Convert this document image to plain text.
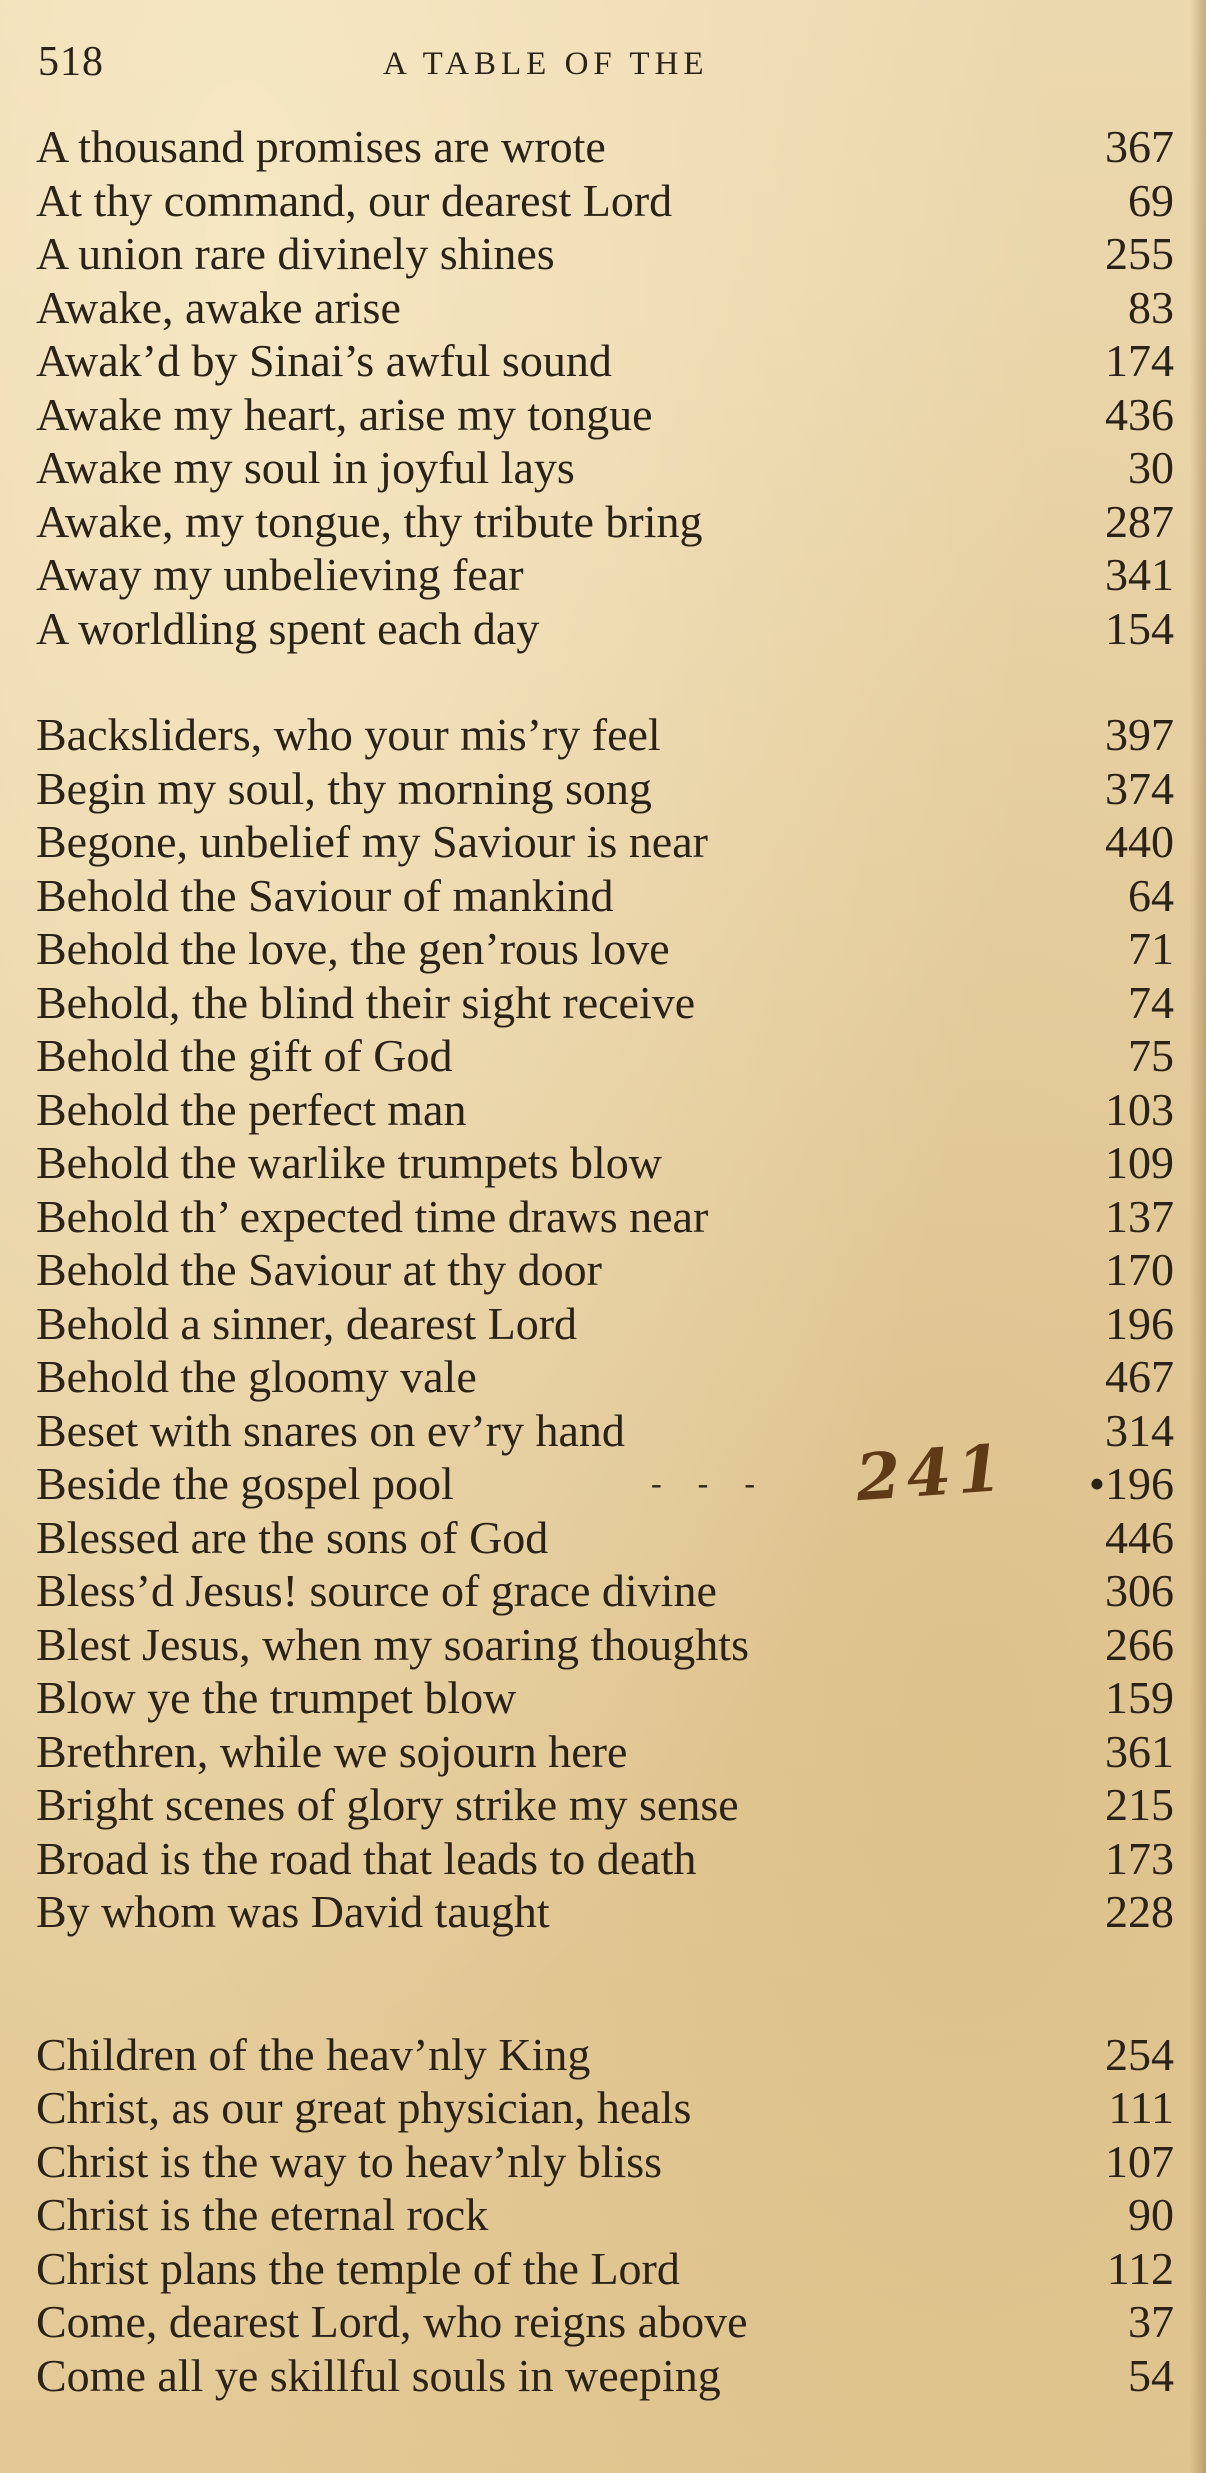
518	A TABLE OF THE
A thousand promises are wrote	367
At thy command, our dearest Lord	69
A union rare divinely shines	255
Awake, awake arise	83
Awak’d by Sinai’s awful sound	174
Awake my heart, arise my tongue	436
Awake my soul in joyful lays	30
Awake, my tongue, thy tribute bring	287
Away my unbelieving fear	341
A worldling spent each day	154
Backsliders, who your mis’ry feel	397
Begin my soul, thy morning song	374
Begone, unbelief my Saviour is near	440
Behold the Saviour of mankind	64
Behold the love, the gen’rous love	71
Behold, the blind their sight receive	74
Behold the gift of God	75
Behold the perfect man	103
Behold the warlike trumpets blow	109
Behold th’ expected time draws near	137
Behold the Saviour at thy door	170
Behold a sinner, dearest Lord	196
Behold the gloomy vale	467
Beset with snares on ev’ry hand	314
Beside the gospel pool	- - - 241	•196
Blessed are the sons of God	446
Bless’d Jesus! source of grace divine	306
Blest Jesus, when my soaring thoughts	266
Blow ye the trumpet blow	159
Brethren, while we sojourn here	361
Bright scenes of glory strike my sense	215
Broad is the road that leads to death	173
By whom was David taught	228
Children of the heav’nly King	254
Christ, as our great physician, heals	111
Christ is the way to heav’nly bliss	107
Christ is the eternal rock	90
Christ plans the temple of the Lord	112
Come, dearest Lord, who reigns above	37
Come all ye skillful souls in weeping	54
